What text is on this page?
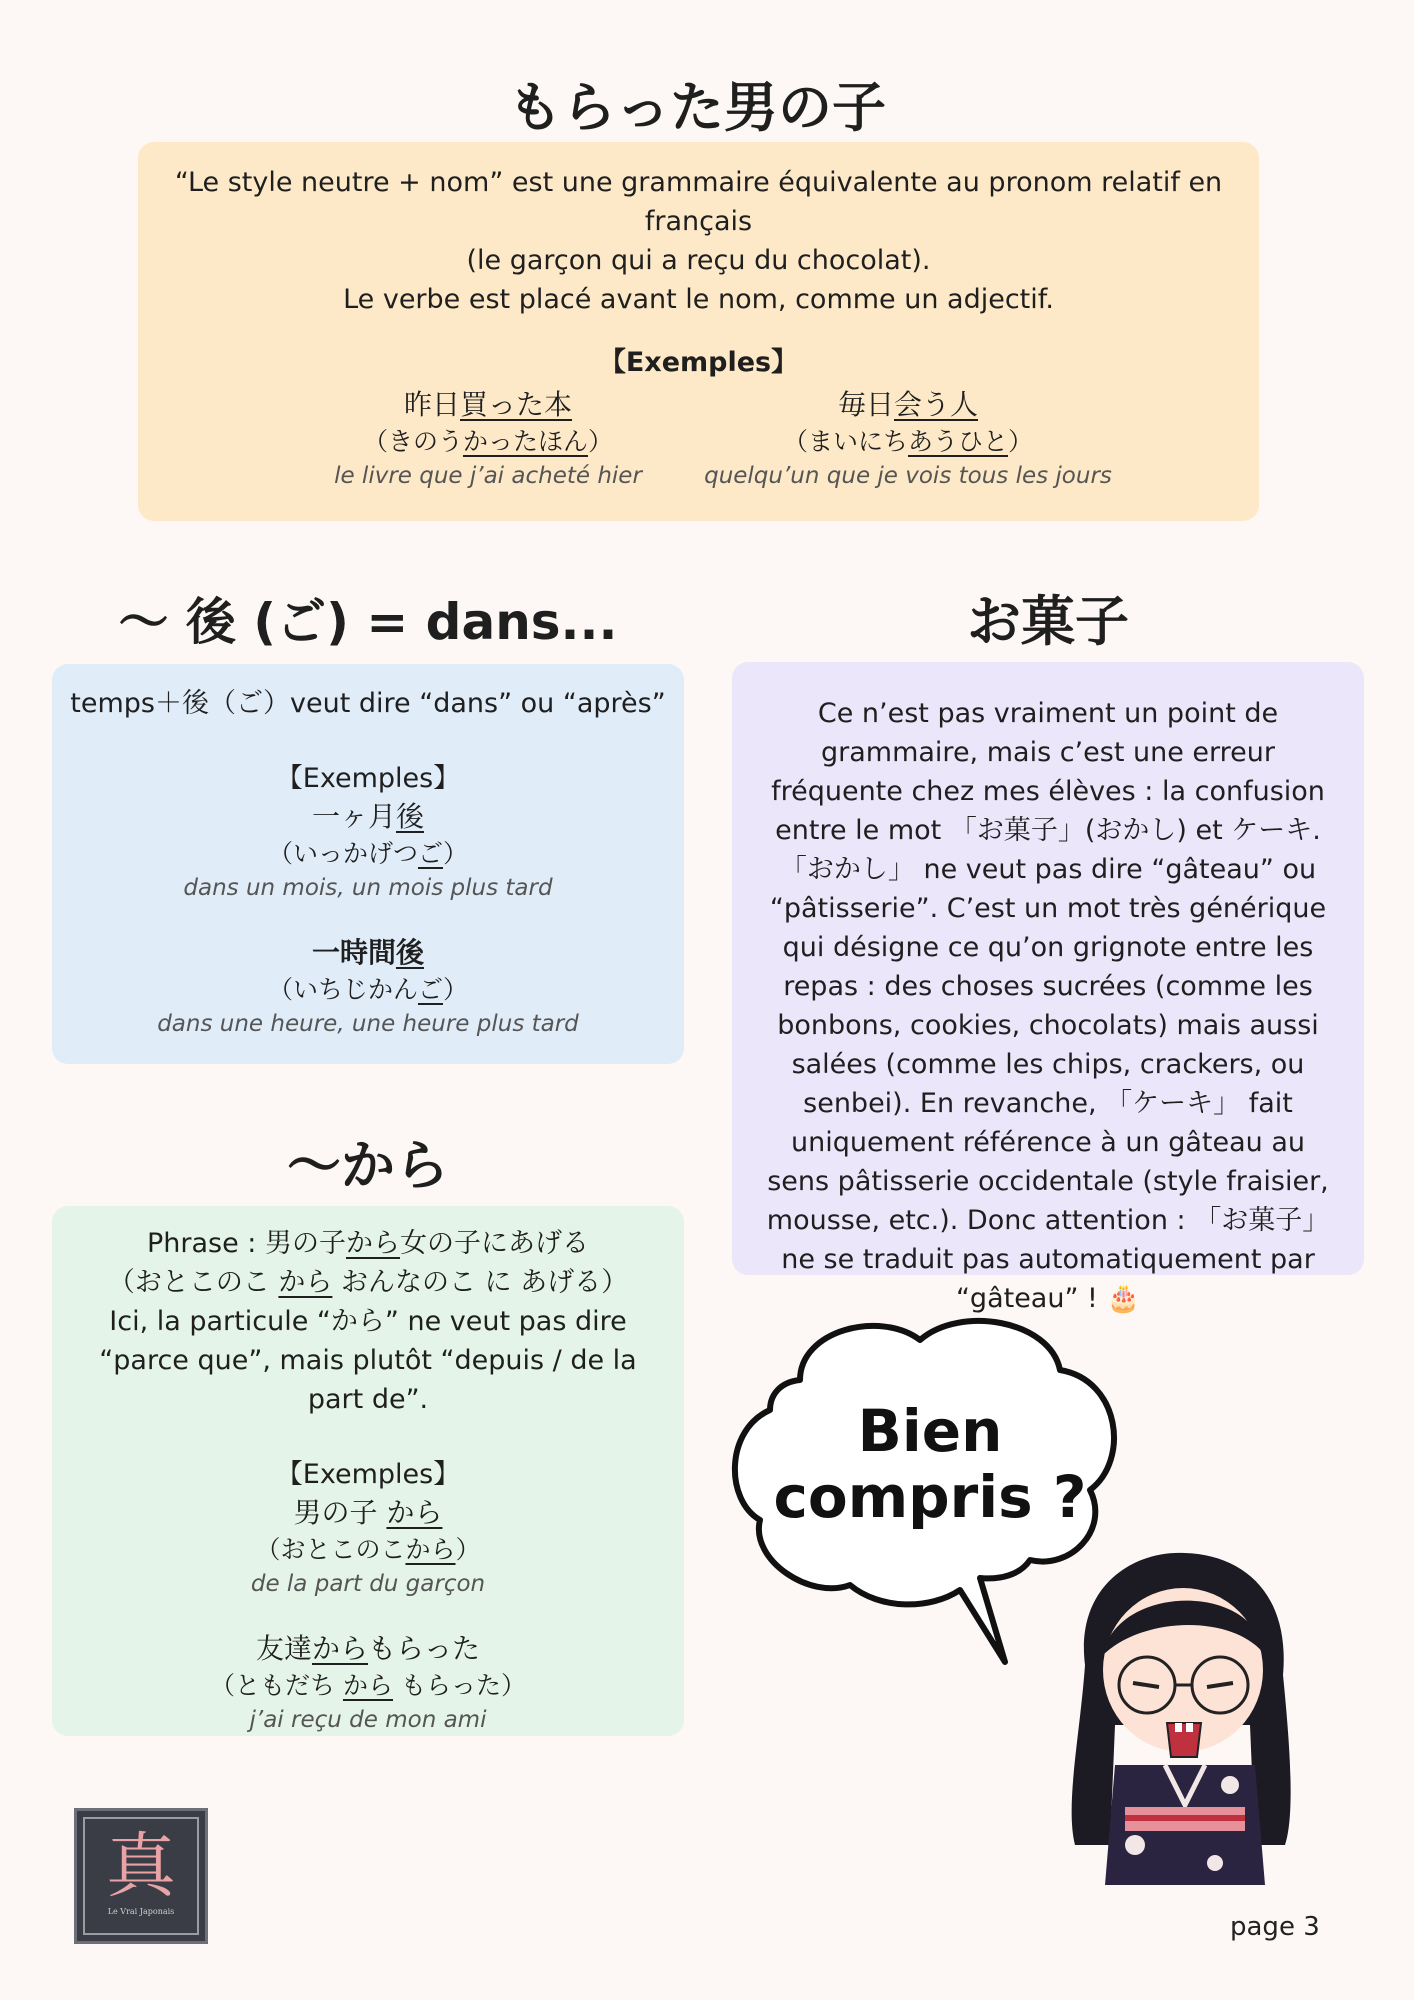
もらった男の子
“Le style neutre + nom” est une grammaire équivalente au pronom relatif en français
(le garçon qui a reçu du chocolat).
Le verbe est placé avant le nom, comme un adjectif.
【Exemples】
昨日買った本
（きのうかったほん）
le livre que j’ai acheté hier
毎日会う人
（まいにちあうひと）
quelqu’un que je vois tous les jours
〜 後 (ご) = dans...
temps＋後（ご）veut dire “dans” ou “après”
【Exemples】
一ヶ月後
（いっかげつご）
dans un mois, un mois plus tard
一時間後
（いちじかんご）
dans une heure, une heure plus tard
〜から
Phrase : 男の子から女の子にあげる
（おとこのこ から おんなのこ に あげる）
Ici, la particule “から” ne veut pas dire “parce que”, mais plutôt “depuis / de la part de”.
【Exemples】
男の子 から
（おとこのこから）
de la part du garçon
友達からもらった
（ともだち から もらった）
j’ai reçu de mon ami
お菓子
Ce n’est pas vraiment un point de grammaire, mais c’est une erreur fréquente chez mes élèves : la confusion entre le mot 「お菓子」(おかし) et ケーキ.「おかし」 ne veut pas dire “gâteau” ou “pâtisserie”. C’est un mot très générique qui désigne ce qu’on grignote entre les repas : des choses sucrées (comme les bonbons, cookies, chocolats) mais aussi salées (comme les chips, crackers, ou senbei). En revanche, 「ケーキ」 fait uniquement référence à un gâteau au sens pâtisserie occidentale (style fraisier, mousse, etc.). Donc attention : 「お菓子」 ne se traduit pas automatiquement par “gâteau” ! 🎂
Bien
compris ?
真
Le Vrai Japonais
page 3
